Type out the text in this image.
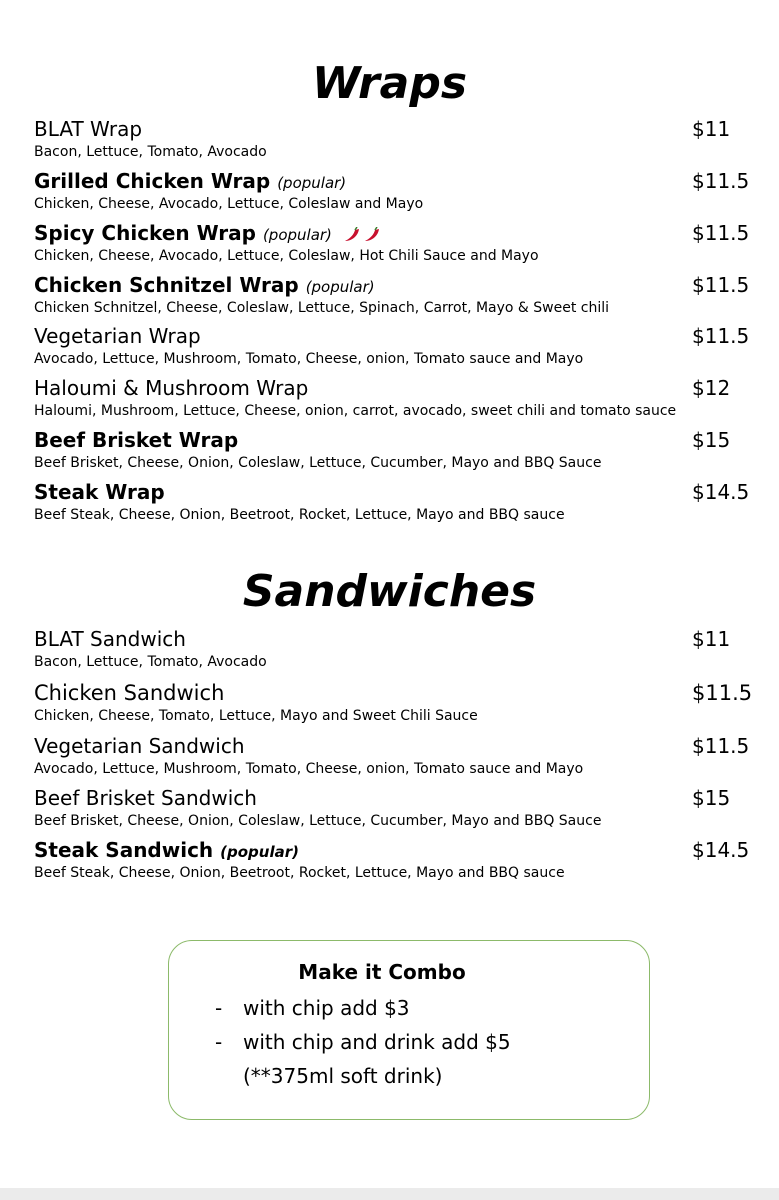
Wraps
BLAT Wrap	$11
Bacon, Lettuce, Tomato, Avocado
Grilled Chicken Wrap (popular)	$11.5
Chicken, Cheese, Avocado, Lettuce, Coleslaw and Mayo
Spicy Chicken Wrap (popular)	$11.5
Chicken, Cheese, Avocado, Lettuce, Coleslaw, Hot Chili Sauce and Mayo
Chicken Schnitzel Wrap (popular)	$11.5
Chicken Schnitzel, Cheese, Coleslaw, Lettuce, Spinach, Carrot, Mayo & Sweet chili
Vegetarian Wrap	$11.5
Avocado, Lettuce, Mushroom, Tomato, Cheese, onion, Tomato sauce and Mayo
Haloumi & Mushroom Wrap	$12
Haloumi, Mushroom, Lettuce, Cheese, onion, carrot, avocado, sweet chili and tomato sauce
Beef Brisket Wrap	$15
Beef Brisket, Cheese, Onion, Coleslaw, Lettuce, Cucumber, Mayo and BBQ Sauce
Steak Wrap	$14.5
Beef Steak, Cheese, Onion, Beetroot, Rocket, Lettuce, Mayo and BBQ sauce
Sandwiches
BLAT Sandwich	$11
Bacon, Lettuce, Tomato, Avocado
Chicken Sandwich	$11.5
Chicken, Cheese, Tomato, Lettuce, Mayo and Sweet Chili Sauce
Vegetarian Sandwich	$11.5
Avocado, Lettuce, Mushroom, Tomato, Cheese, onion, Tomato sauce and Mayo
Beef Brisket Sandwich	$15
Beef Brisket, Cheese, Onion, Coleslaw, Lettuce, Cucumber, Mayo and BBQ Sauce
Steak Sandwich (popular)	$14.5
Beef Steak, Cheese, Onion, Beetroot, Rocket, Lettuce, Mayo and BBQ sauce

Make it Combo

- with chip add $3
- with chip and drink add $5
(**375ml soft drink)
